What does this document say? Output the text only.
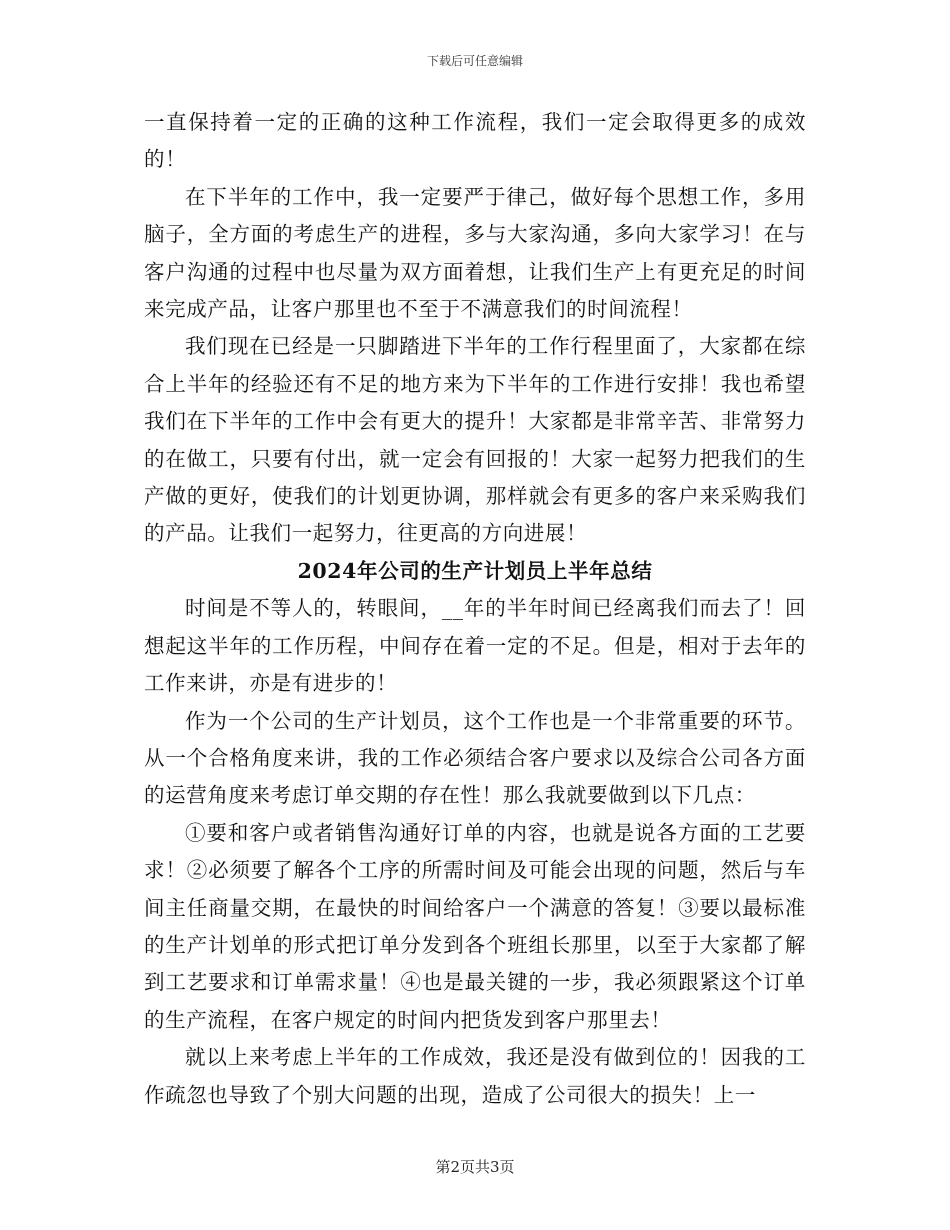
下载后可任意编辑

一直保持着一定的正确的这种工作流程，我们一定会取得更多的成效的！

在下半年的工作中，我一定要严于律己，做好每个思想工作，多用脑子，全方面的考虑生产的进程，多与大家沟通，多向大家学习！在与客户沟通的过程中也尽量为双方面着想，让我们生产上有更充足的时间来完成产品，让客户那里也不至于不满意我们的时间流程！

我们现在已经是一只脚踏进下半年的工作行程里面了，大家都在综合上半年的经验还有不足的地方来为下半年的工作进行安排！我也希望我们在下半年的工作中会有更大的提升！大家都是非常辛苦、非常努力的在做工，只要有付出，就一定会有回报的！大家一起努力把我们的生产做的更好，使我们的计划更协调，那样就会有更多的客户来采购我们的产品。让我们一起努力，往更高的方向进展！

2024年公司的生产计划员上半年总结

时间是不等人的，转眼间，__年的半年时间已经离我们而去了！回想起这半年的工作历程，中间存在着一定的不足。但是，相对于去年的工作来讲，亦是有进步的！

作为一个公司的生产计划员，这个工作也是一个非常重要的环节。从一个合格角度来讲，我的工作必须结合客户要求以及综合公司各方面的运营角度来考虑订单交期的存在性！那么我就要做到以下几点：

①要和客户或者销售沟通好订单的内容，也就是说各方面的工艺要求！②必须要了解各个工序的所需时间及可能会出现的问题，然后与车间主任商量交期，在最快的时间给客户一个满意的答复！③要以最标准的生产计划单的形式把订单分发到各个班组长那里，以至于大家都了解到工艺要求和订单需求量！④也是最关键的一步，我必须跟紧这个订单的生产流程，在客户规定的时间内把货发到客户那里去！

就以上来考虑上半年的工作成效，我还是没有做到位的！因我的工作疏忽也导致了个别大问题的出现，造成了公司很大的损失！上一

第2页共3页
